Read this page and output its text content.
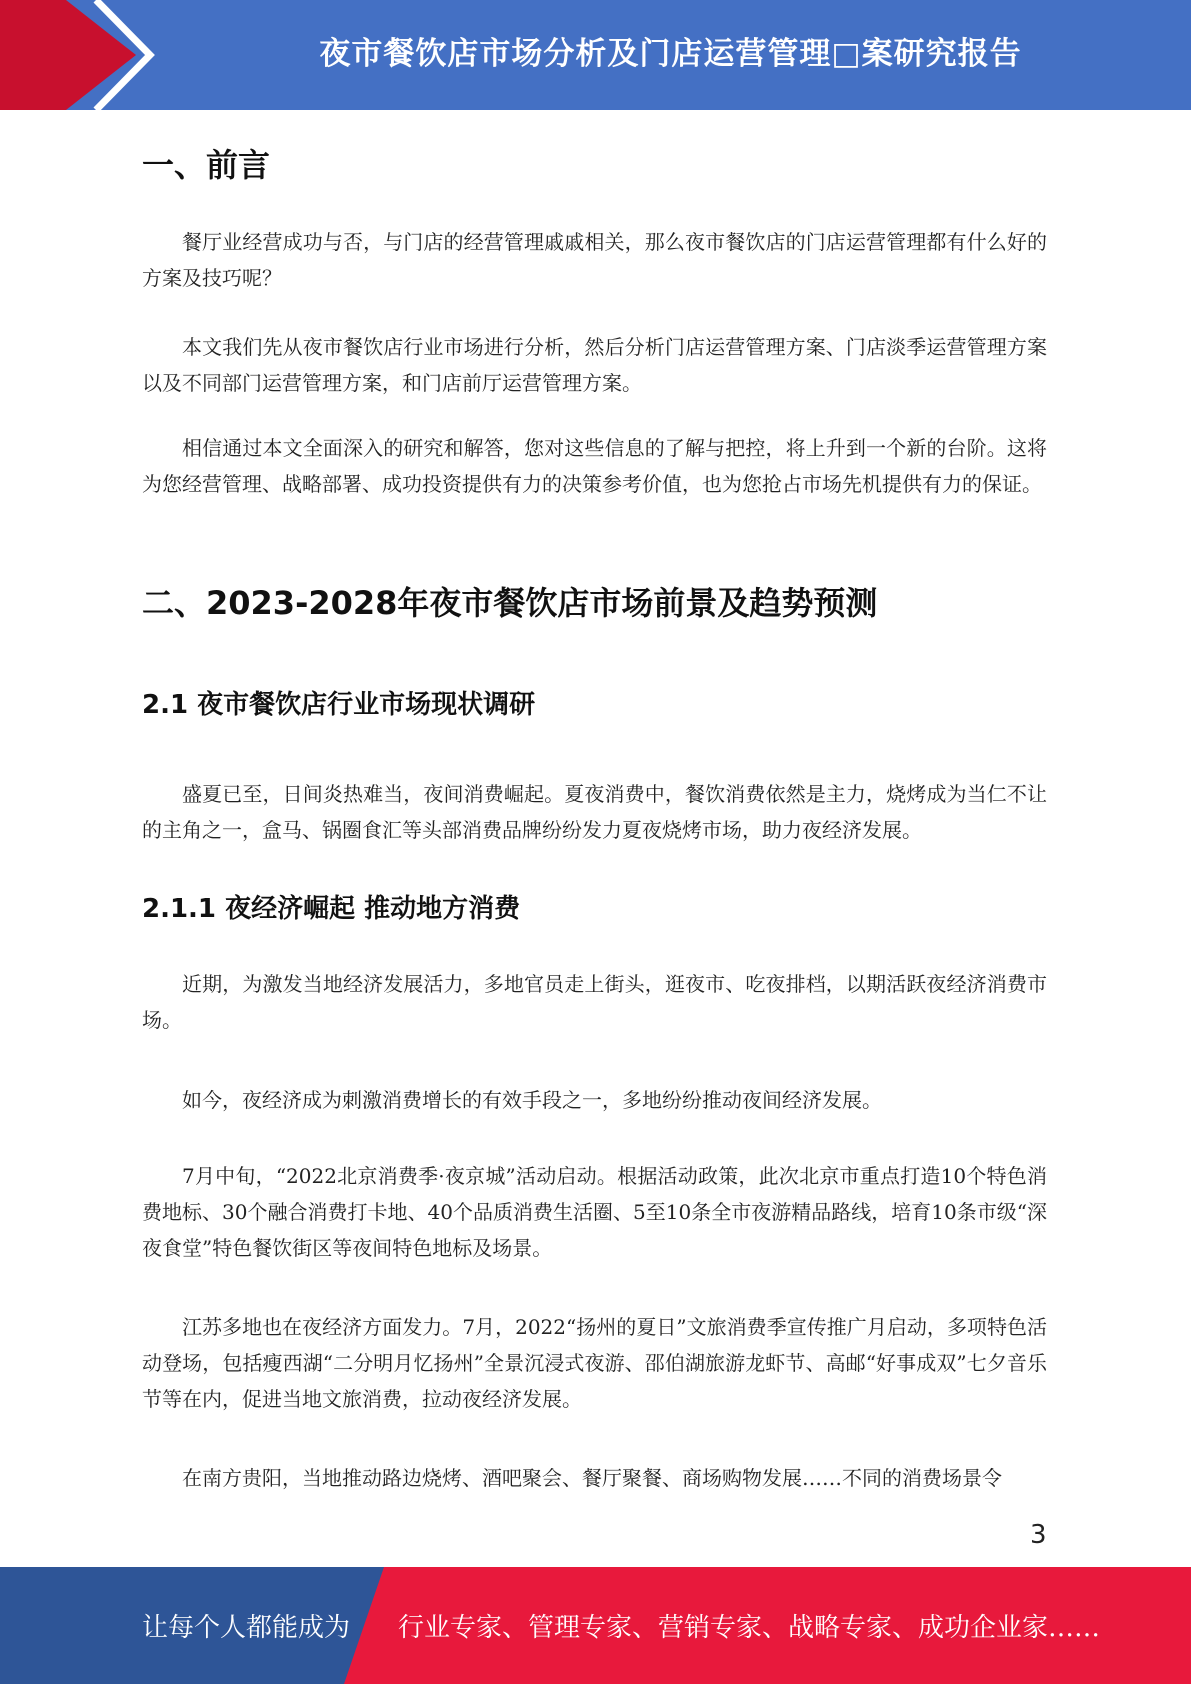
夜市餐饮店市场分析及门店运营管理□案研究报告
一、前言

餐厅业经营成功与否，与门店的经营管理戚戚相关，那么夜市餐饮店的门店运营管理都有什么好的方案及技巧呢？

本文我们先从夜市餐饮店行业市场进行分析，然后分析门店运营管理方案、门店淡季运营管理方案以及不同部门运营管理方案，和门店前厅运营管理方案。

相信通过本文全面深入的研究和解答，您对这些信息的了解与把控，将上升到一个新的台阶。这将为您经营管理、战略部署、成功投资提供有力的决策参考价值，也为您抢占市场先机提供有力的保证。

二、2023-2028年夜市餐饮店市场前景及趋势预测
2.1 夜市餐饮店行业市场现状调研

盛夏已至，日间炎热难当，夜间消费崛起。夏夜消费中，餐饮消费依然是主力，烧烤成为当仁不让的主角之一，盒马、锅圈食汇等头部消费品牌纷纷发力夏夜烧烤市场，助力夜经济发展。

2.1.1 夜经济崛起 推动地方消费

近期，为激发当地经济发展活力，多地官员走上街头，逛夜市、吃夜排档，以期活跃夜经济消费市场。

如今，夜经济成为刺激消费增长的有效手段之一，多地纷纷推动夜间经济发展。

7月中旬，“2022北京消费季·夜京城”活动启动。根据活动政策，此次北京市重点打造10个特色消费地标、30个融合消费打卡地、40个品质消费生活圈、5至10条全市夜游精品路线，培育10条市级“深夜食堂”特色餐饮街区等夜间特色地标及场景。

江苏多地也在夜经济方面发力。7月，2022“扬州的夏日”文旅消费季宣传推广月启动，多项特色活动登场，包括瘦西湖“二分明月忆扬州”全景沉浸式夜游、邵伯湖旅游龙虾节、高邮“好事成双”七夕音乐节等在内，促进当地文旅消费，拉动夜经济发展。

在南方贵阳，当地推动路边烧烤、酒吧聚会、餐厅聚餐、商场购物发展……不同的消费场景令

3
让每个人都能成为 行业专家、管理专家、营销专家、战略专家、成功企业家……
